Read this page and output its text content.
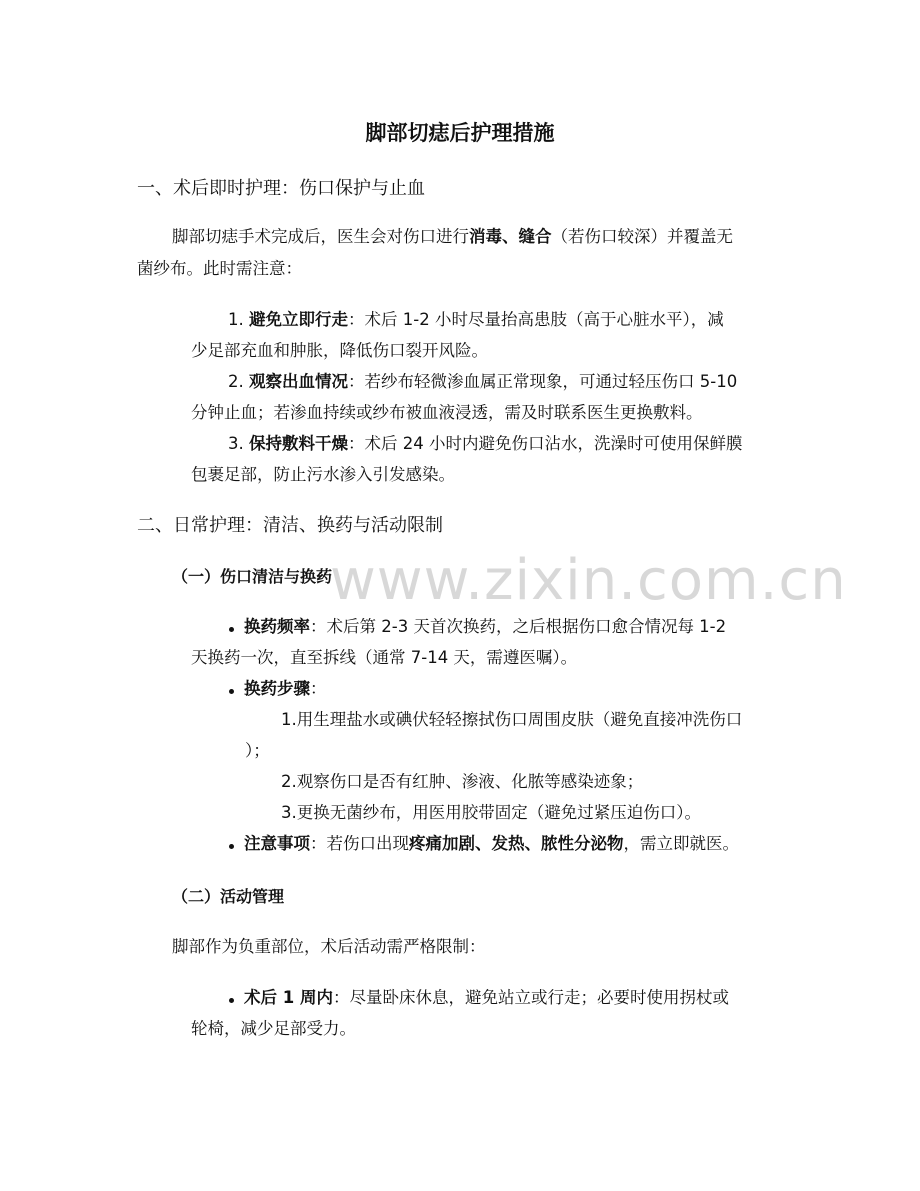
www.zixin.com.cn
脚部切痣后护理措施
一、术后即时护理：伤口保护与止血
脚部切痣手术完成后，医生会对伤口进行消毒、缝合（若伤口较深）并覆盖无
菌纱布。此时需注意：
1. 避免立即行走：术后 1-2 小时尽量抬高患肢（高于心脏水平），减
少足部充血和肿胀，降低伤口裂开风险。
2. 观察出血情况：若纱布轻微渗血属正常现象，可通过轻压伤口 5-10
分钟止血；若渗血持续或纱布被血液浸透，需及时联系医生更换敷料。
3. 保持敷料干燥：术后 24 小时内避免伤口沾水，洗澡时可使用保鲜膜
包裹足部，防止污水渗入引发感染。
二、日常护理：清洁、换药与活动限制
（一）伤口清洁与换药
换药频率：术后第 2-3 天首次换药，之后根据伤口愈合情况每 1-2
天换药一次，直至拆线（通常 7-14 天，需遵医嘱）。
换药步骤：
1.用生理盐水或碘伏轻轻擦拭伤口周围皮肤（避免直接冲洗伤口
）；
2.观察伤口是否有红肿、渗液、化脓等感染迹象；
3.更换无菌纱布，用医用胶带固定（避免过紧压迫伤口）。
注意事项：若伤口出现疼痛加剧、发热、脓性分泌物，需立即就医。
（二）活动管理
脚部作为负重部位，术后活动需严格限制：
术后 1 周内：尽量卧床休息，避免站立或行走；必要时使用拐杖或
轮椅，减少足部受力。
